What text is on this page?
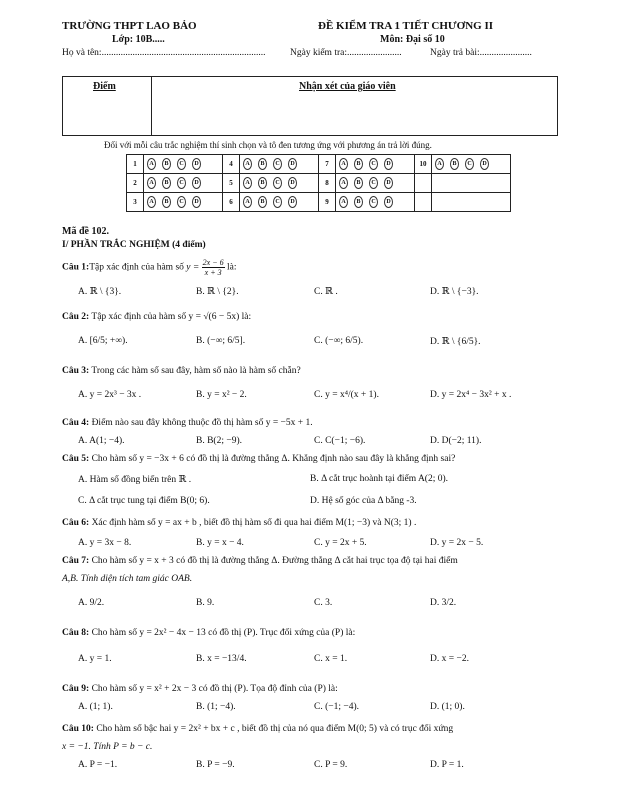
TRƯỜNG THPT LAO BẢO
Lớp: 10B.....
ĐỀ KIỂM TRA 1 TIẾT CHƯƠNG II
Môn: Đại số 10
Họ và tên:.....................................................................	Ngày kiểm tra:.......................	Ngày trả bài:......................
Điểm	Nhận xét của giáo viên
Đối với mỗi câu trắc nghiệm thí sinh chọn và tô đen tương ứng với phương án trả lời đúng.
1	A B C D	4	A B C D	7	A B C D	10	A B C D
2	A B C D	5	A B C D	8	A B C D		
3	A B C D	6	A B C D	9	A B C D		
Mã đề 102.
I/ PHẦN TRẮC NGHIỆM (4 điểm)
Câu 1:Tập xác định của hàm số $y = \frac{2x - 6}{x + 3}$ là:
A. ℝ \ {3}.	B. ℝ \ {2}.	C. ℝ .	D. ℝ \ {−3}.
Câu 2: Tập xác định của hàm số y = √(6 − 5x) là:
A. [6/5; +∞).	B. (−∞; 6/5].	C. (−∞; 6/5).	D. ℝ \ {6/5}.
Câu 3: Trong các hàm số sau đây, hàm số nào là hàm số chẵn?
A. y = 2x³ − 3x .	B. y = x² − 2.	C. y = x⁴/(x + 1).	D. y = 2x⁴ − 3x² + x .
Câu 4: Điểm nào sau đây không thuộc đồ thị hàm số y = −5x + 1.
A. A(1; −4).	B. B(2; −9).	C. C(−1; −6).	D. D(−2; 11).
Câu 5: Cho hàm số y = −3x + 6 có đồ thị là đường thẳng Δ. Khẳng định nào sau đây là khẳng định sai?
A. Hàm số đồng biến trên ℝ .	B. Δ cắt trục hoành tại điểm A(2; 0).
C. Δ cắt trục tung tại điểm B(0; 6).	D. Hệ số góc của Δ bằng -3.
Câu 6: Xác định hàm số y = ax + b , biết đồ thị hàm số đi qua hai điểm M(1; −3) và N(3; 1) .
A. y = 3x − 8.	B. y = x − 4.	C. y = 2x + 5.	D. y = 2x − 5.
Câu 7: Cho hàm số y = x + 3 có đồ thị là đường thẳng Δ. Đường thẳng Δ cắt hai trục tọa độ tại hai điểm
A,B. Tính diện tích tam giác OAB.
A. 9/2.	B. 9.	C. 3.	D. 3/2.
Câu 8: Cho hàm số y = 2x² − 4x − 13 có đồ thị (P). Trục đối xứng của (P) là:
A. y = 1.	B. x = −13/4.	C. x = 1.	D. x = −2.
Câu 9: Cho hàm số y = x² + 2x − 3 có đồ thị (P). Tọa độ đỉnh của (P) là:
A. (1; 1).	B. (1; −4).	C. (−1; −4).	D. (1; 0).
Câu 10: Cho hàm số bậc hai y = 2x² + bx + c , biết đồ thị của nó qua điểm M(0; 5) và có trục đối xứng
x = −1. Tính P = b − c.
A. P = −1.	B. P = −9.	C. P = 9.	D. P = 1.
